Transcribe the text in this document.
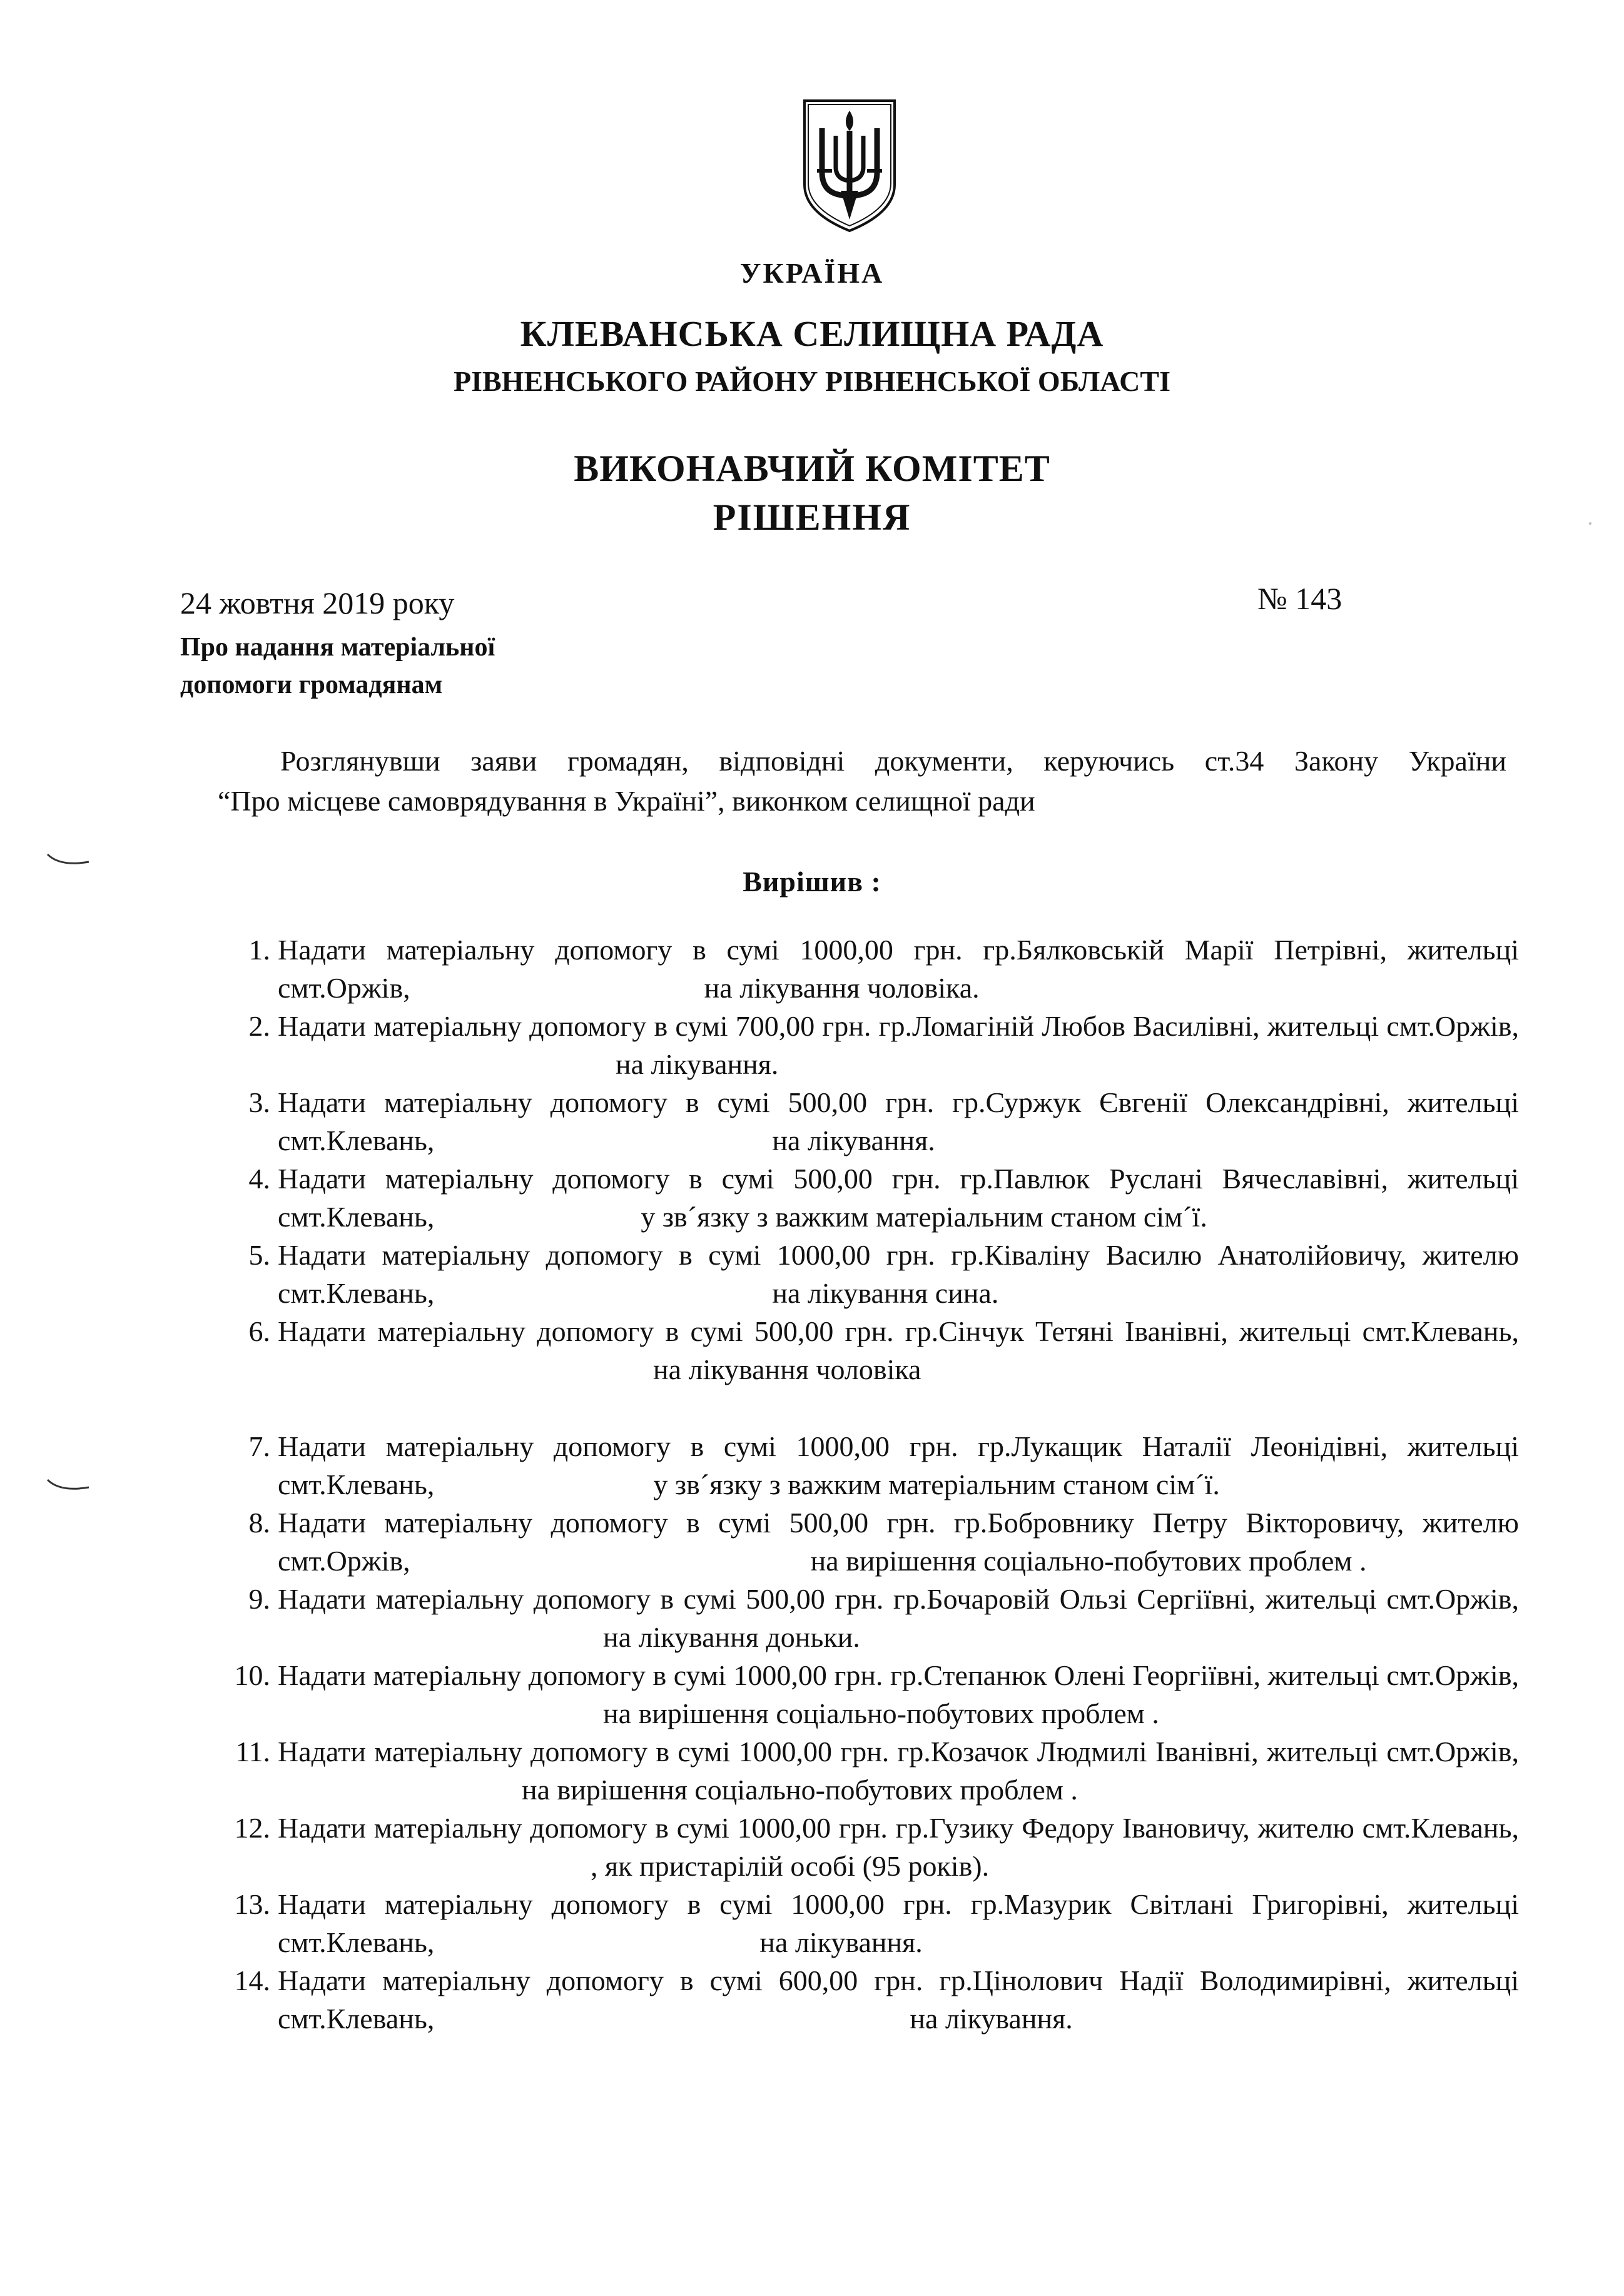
УКРАЇНА
КЛЕВАНСЬКА СЕЛИЩНА РАДА
РІВНЕНСЬКОГО РАЙОНУ РІВНЕНСЬКОЇ ОБЛАСТІ
ВИКОНАВЧИЙ КОМІТЕТ
РІШЕННЯ
24 жовтня 2019 року	№ 143
Про надання матеріальної
допомоги громадянам
Розглянувши заяви громадян, відповідні документи, керуючись ст.34 Закону України
“Про місцеве самоврядування в Україні”, виконком селищної ради
Вирішив :
1. Надати матеріальну допомогу в сумі 1000,00 грн. гр.Бялковській Марії Петрівні, жительці смт.Оржів,	на лікування чоловіка.
2. Надати матеріальну допомогу в сумі 700,00 грн. гр.Ломагіній Любов Василівні, жительці смт.Оржів,на лікування.
3. Надати матеріальну допомогу в сумі 500,00 грн. гр.Суржук Євгенії Олександрівні, жительці смт.Клевань,	на лікування.
4. Надати матеріальну допомогу в сумі 500,00 грн. гр.Павлюк Руслані Вячеславівні, жительці смт.Клевань,	у зв´язку з важким матеріальним станом сім´ї.
5. Надати матеріальну допомогу в сумі 1000,00 грн. гр.Ківаліну Василю Анатолійовичу, жителю смт.Клевань,	на лікування сина.
6. Надати матеріальну допомогу в сумі 500,00 грн. гр.Сінчук Тетяні Іванівні, жительці смт.Клевань,на лікування чоловіка
7. Надати матеріальну допомогу в сумі 1000,00 грн. гр.Лукащик Наталії Леонідівні, жительці смт.Клевань,	у зв´язку з важким матеріальним станом сім´ї.
8. Надати матеріальну допомогу в сумі 500,00 грн. гр.Бобровнику Петру Вікторовичу, жителю смт.Оржів,	на вирішення соціально-побутових проблем .
9. Надати матеріальну допомогу в сумі 500,00 грн. гр.Бочаровій Ользі Сергіївні, жительці смт.Оржів,на лікування доньки.
10. Надати матеріальну допомогу в сумі 1000,00 грн. гр.Степанюк Олені Георгіївні, жительці смт.Оржів,на вирішення соціально-побутових проблем .
11. Надати матеріальну допомогу в сумі 1000,00 грн. гр.Козачок Людмилі Іванівні, жительці смт.Оржів,на вирішення соціально-побутових проблем .
12. Надати матеріальну допомогу в сумі 1000,00 грн. гр.Гузику Федору Івановичу, жителю смт.Клевань,, як пристарілій особі (95 років).
13. Надати матеріальну допомогу в сумі 1000,00 грн. гр.Мазурик Світлані Григорівні, жительці смт.Клевань,	на лікування.
14. Надати матеріальну допомогу в сумі 600,00 грн. гр.Цінолович Надії Володимирівні, жительці смт.Клевань,	на лікування.
